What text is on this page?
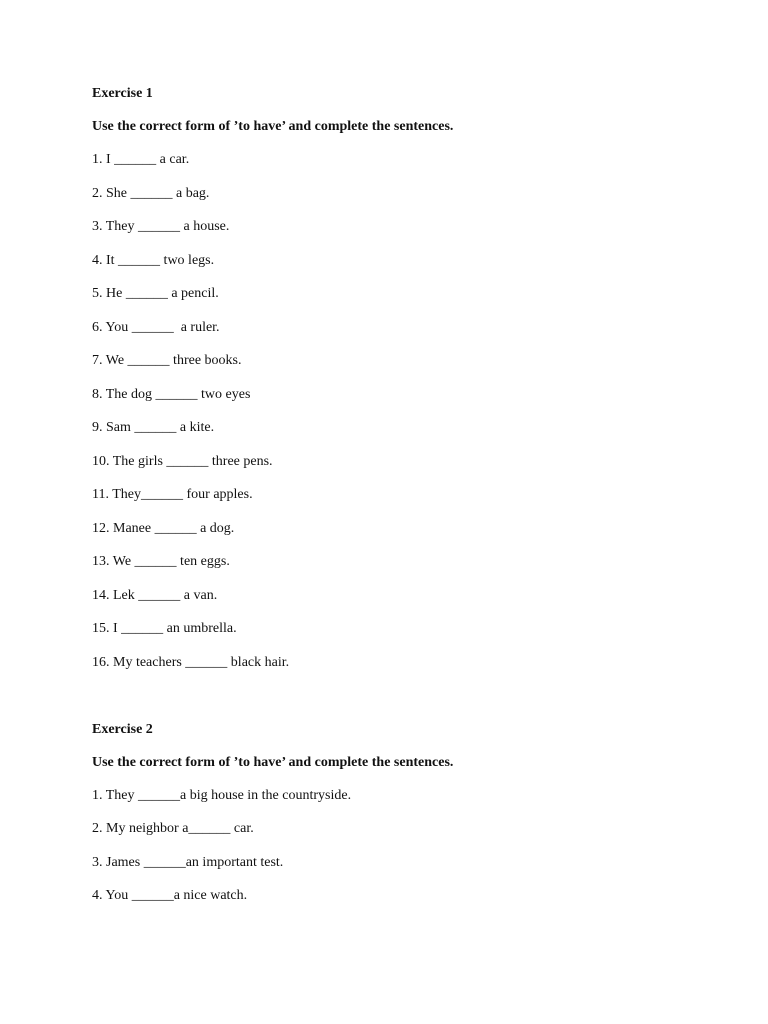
Exercise 1

Use the correct form of ’to have’ and complete the sentences.

1. I ______ a car.
2. She ______ a bag.
3. They ______ a house.
4. It ______ two legs.
5. He ______ a pencil.
6. You ______  a ruler.
7. We ______ three books.
8. The dog ______ two eyes
9. Sam ______ a kite.
10. The girls ______ three pens.
11. They______ four apples.
12. Manee ______ a dog.
13. We ______ ten eggs.
14. Lek ______ a van.
15. I ______ an umbrella.
16. My teachers ______ black hair.
Exercise 2

Use the correct form of ’to have’ and complete the sentences.

1. They ______a big house in the countryside.
2. My neighbor a______ car.
3. James ______an important test.
4. You ______a nice watch.
